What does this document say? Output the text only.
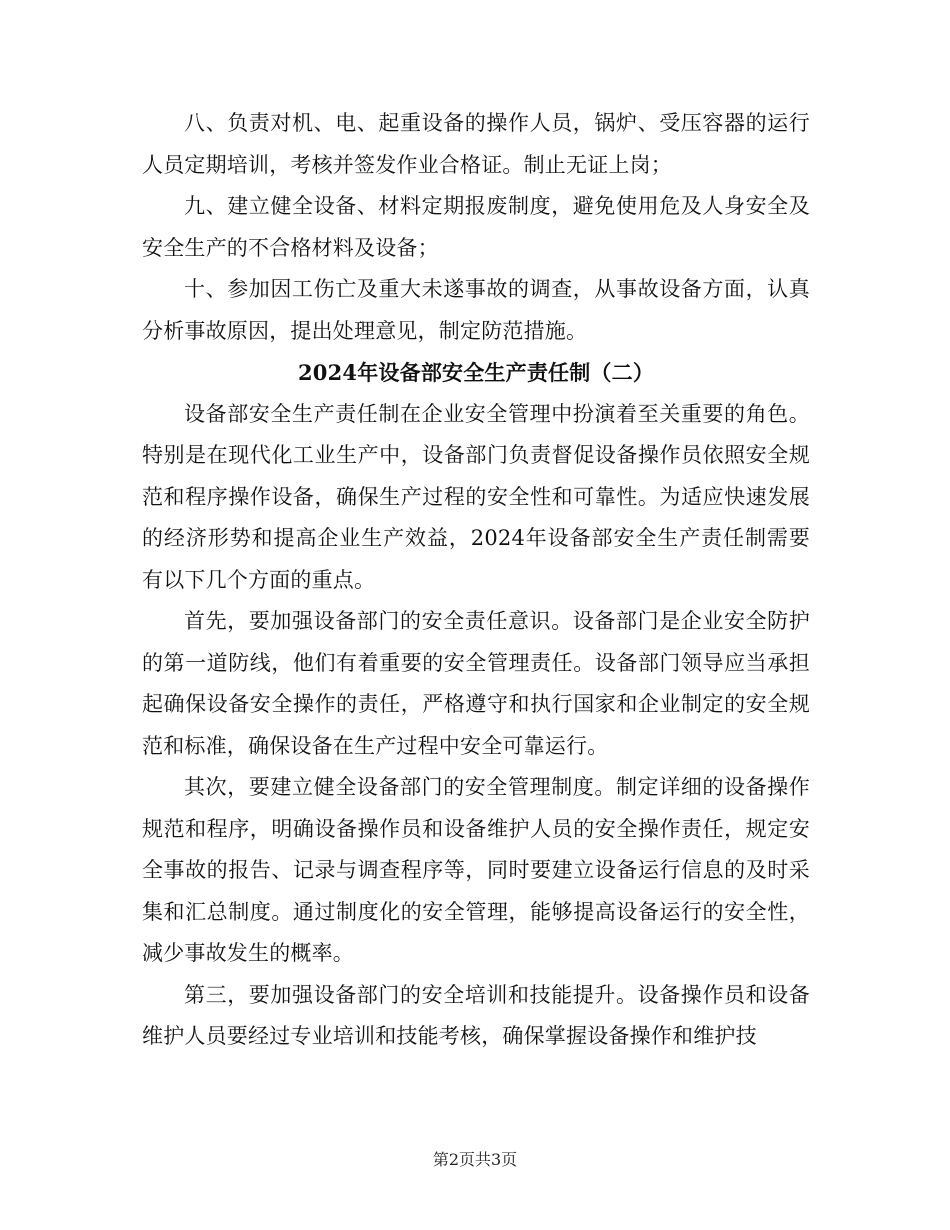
八、负责对机、电、起重设备的操作人员，锅炉、受压容器的运行人员定期培训，考核并签发作业合格证。制止无证上岗；

九、建立健全设备、材料定期报废制度，避免使用危及人身安全及安全生产的不合格材料及设备；

十、参加因工伤亡及重大未遂事故的调查，从事故设备方面，认真分析事故原因，提出处理意见，制定防范措施。

2024年设备部安全生产责任制（二）

设备部安全生产责任制在企业安全管理中扮演着至关重要的角色。特别是在现代化工业生产中，设备部门负责督促设备操作员依照安全规范和程序操作设备，确保生产过程的安全性和可靠性。为适应快速发展的经济形势和提高企业生产效益，2024年设备部安全生产责任制需要有以下几个方面的重点。

首先，要加强设备部门的安全责任意识。设备部门是企业安全防护的第一道防线，他们有着重要的安全管理责任。设备部门领导应当承担起确保设备安全操作的责任，严格遵守和执行国家和企业制定的安全规范和标准，确保设备在生产过程中安全可靠运行。

其次，要建立健全设备部门的安全管理制度。制定详细的设备操作规范和程序，明确设备操作员和设备维护人员的安全操作责任，规定安全事故的报告、记录与调查程序等，同时要建立设备运行信息的及时采集和汇总制度。通过制度化的安全管理，能够提高设备运行的安全性，减少事故发生的概率。

第三，要加强设备部门的安全培训和技能提升。设备操作员和设备维护人员要经过专业培训和技能考核，确保掌握设备操作和维护技

第2页共3页
